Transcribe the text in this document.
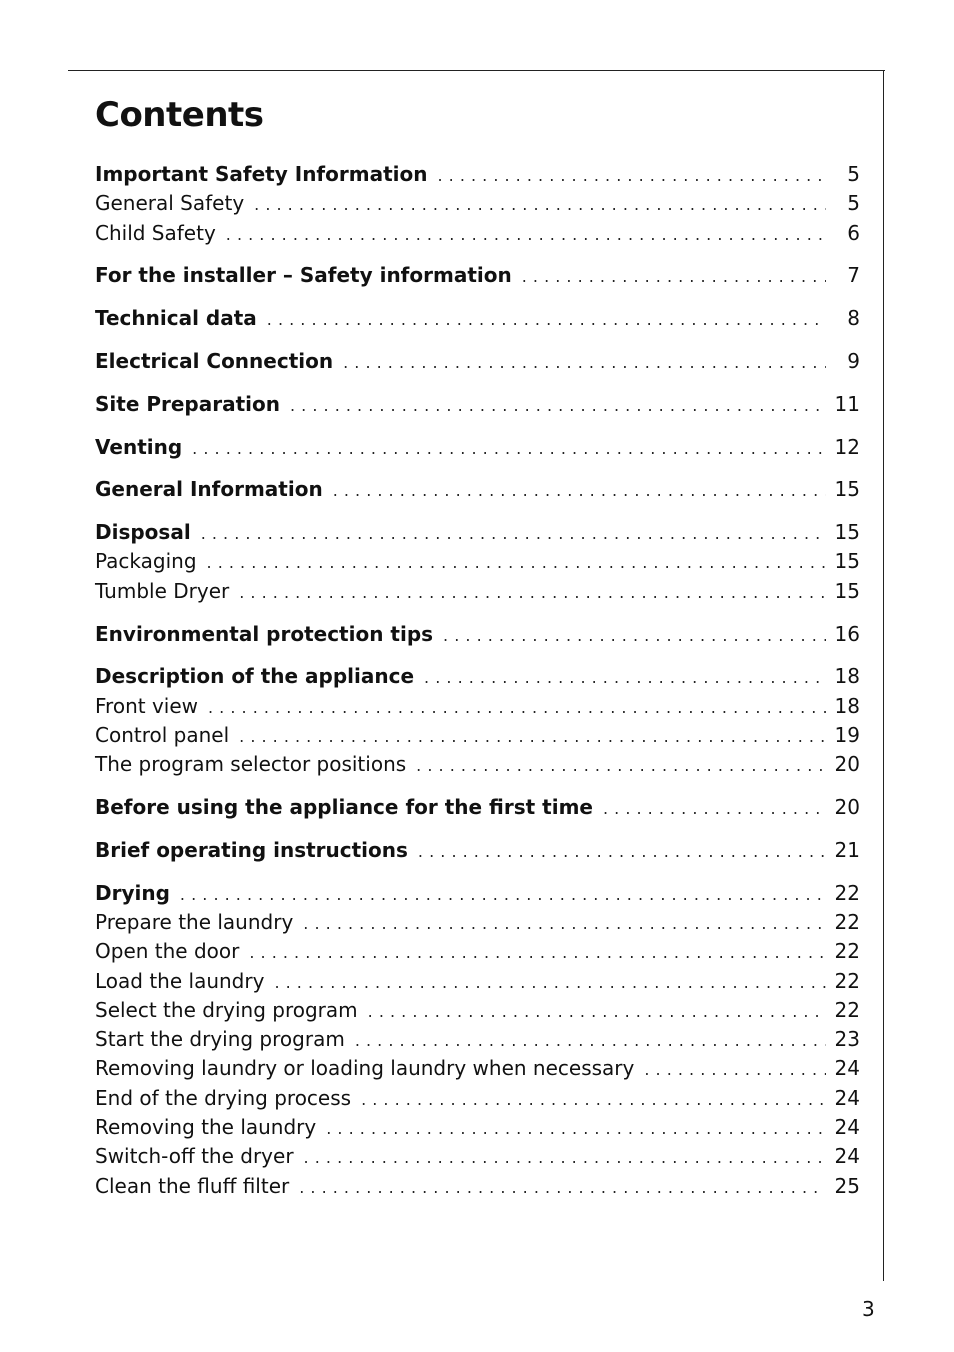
Contents
Important Safety Information . . .	5
General Safety . . .	5
Child Safety . . .	6
For the installer – Safety information . . .	7
Technical data . . .	8
Electrical Connection . . .	9
Site Preparation . . .	11
Venting . . .	12
General Information . . .	15
Disposal . . .	15
Packaging . . .	15
Tumble Dryer . . .	15
Environmental protection tips . . .	16
Description of the appliance . . .	18
Front view . . .	18
Control panel . . .	19
The program selector positions . . .	20
Before using the appliance for the first time . . .	20
Brief operating instructions . . .	21
Drying . . .	22
Prepare the laundry . . .	22
Open the door . . .	22
Load the laundry . . .	22
Select the drying program . . .	22
Start the drying program . . .	23
Removing laundry or loading laundry when necessary . . .	24
End of the drying process . . .	24
Removing the laundry . . .	24
Switch-off the dryer . . .	24
Clean the fluff filter . . .	25
3
